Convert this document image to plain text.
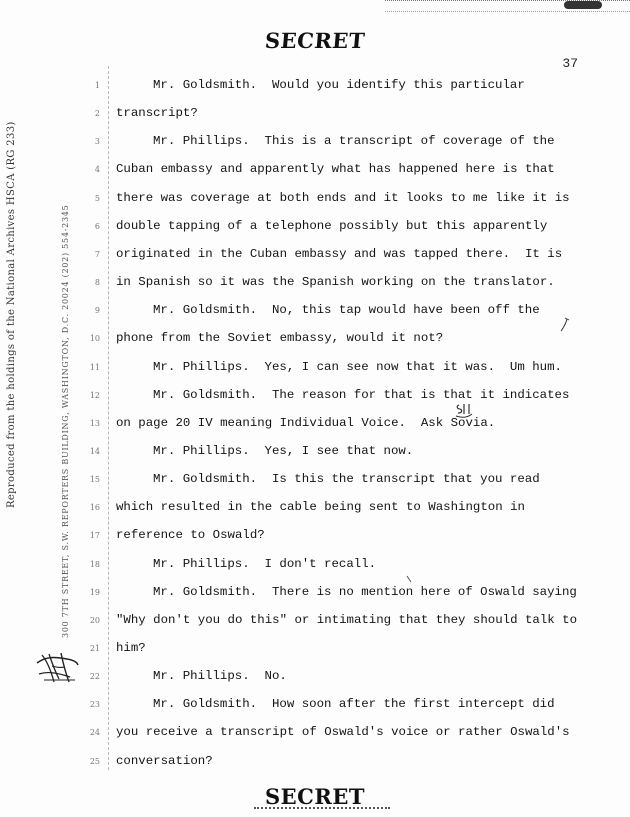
SECRET
37
Reproduced from the holdings of the National Archives HSCA (RG 233)	300 7TH STREET, S.W. REPORTERS BUILDING, WASHINGTON, D.C. 20024 (202) 554-2345
1	Mr. Goldsmith.  Would you identify this particular
2 transcript?
3	Mr. Phillips.  This is a transcript of coverage of the
4 Cuban embassy and apparently what has happened here is that
5 there was coverage at both ends and it looks to me like it is
6 double tapping of a telephone possibly but this apparently
7 originated in the Cuban embassy and was tapped there.  It is
8 in Spanish so it was the Spanish working on the translator.
9	Mr. Goldsmith.  No, this tap would have been off the
10 phone from the Soviet embassy, would it not?
11	Mr. Phillips.  Yes, I can see now that it was.  Um hum.
12	Mr. Goldsmith.  The reason for that is that it indicates
13 on page 20 IV meaning Individual Voice.  Ask Sovia.
14	Mr. Phillips.  Yes, I see that now.
15	Mr. Goldsmith.  Is this the transcript that you read
16 which resulted in the cable being sent to Washington in
17 reference to Oswald?
18	Mr. Phillips.  I don't recall.
19	Mr. Goldsmith.  There is no mention here of Oswald saying
20 "Why don't you do this" or intimating that they should talk to
21 him?
22	Mr. Phillips.  No.
23	Mr. Goldsmith.  How soon after the first intercept did
24 you receive a transcript of Oswald's voice or rather Oswald's
25 conversation?
SECRET
